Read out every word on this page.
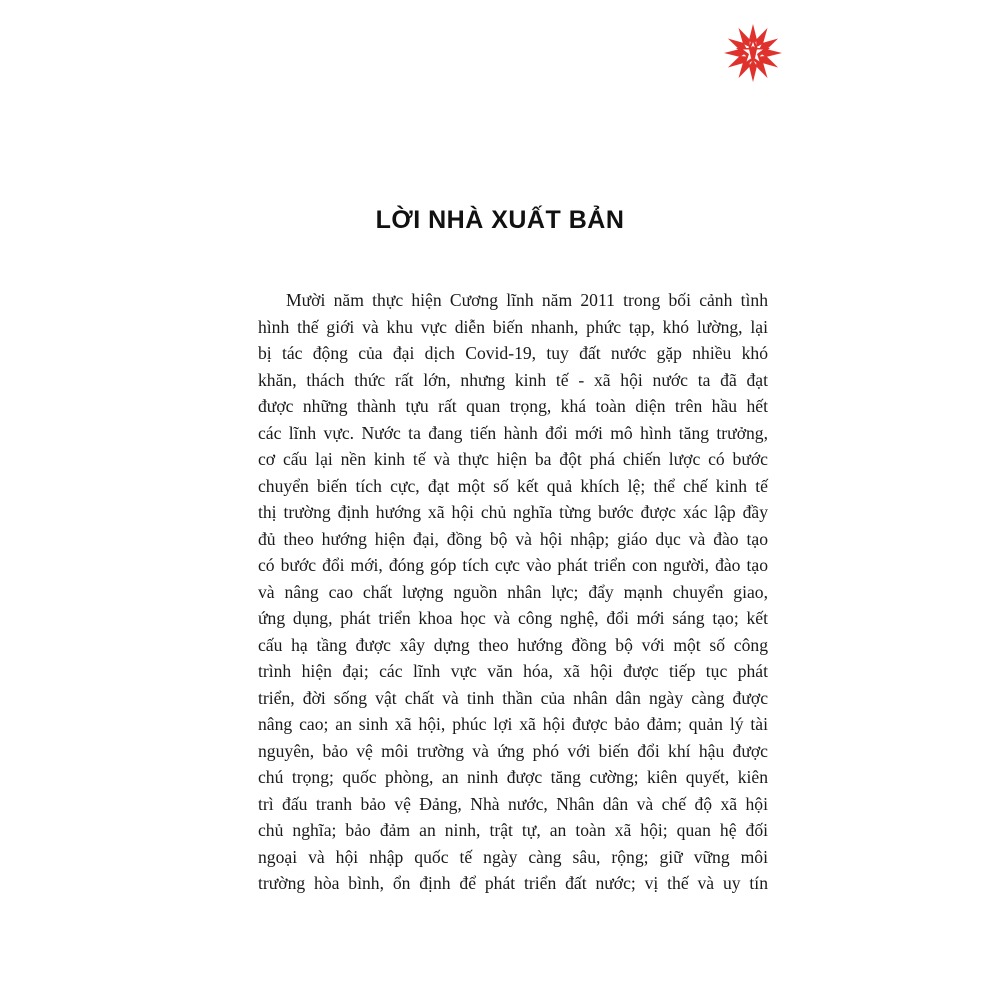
LỜI NHÀ XUẤT BẢN
Mười năm thực hiện Cương lĩnh năm 2011 trong bối cảnh tình
hình thế giới và khu vực diễn biến nhanh, phức tạp, khó lường, lại
bị tác động của đại dịch Covid-19, tuy đất nước gặp nhiều khó
khăn, thách thức rất lớn, nhưng kinh tế - xã hội nước ta đã đạt
được những thành tựu rất quan trọng, khá toàn diện trên hầu hết
các lĩnh vực. Nước ta đang tiến hành đổi mới mô hình tăng trưởng,
cơ cấu lại nền kinh tế và thực hiện ba đột phá chiến lược có bước
chuyển biến tích cực, đạt một số kết quả khích lệ; thể chế kinh tế
thị trường định hướng xã hội chủ nghĩa từng bước được xác lập đầy
đủ theo hướng hiện đại, đồng bộ và hội nhập; giáo dục và đào tạo
có bước đổi mới, đóng góp tích cực vào phát triển con người, đào tạo
và nâng cao chất lượng nguồn nhân lực; đẩy mạnh chuyển giao,
ứng dụng, phát triển khoa học và công nghệ, đổi mới sáng tạo; kết
cấu hạ tầng được xây dựng theo hướng đồng bộ với một số công
trình hiện đại; các lĩnh vực văn hóa, xã hội được tiếp tục phát
triển, đời sống vật chất và tinh thần của nhân dân ngày càng được
nâng cao; an sinh xã hội, phúc lợi xã hội được bảo đảm; quản lý tài
nguyên, bảo vệ môi trường và ứng phó với biến đổi khí hậu được
chú trọng; quốc phòng, an ninh được tăng cường; kiên quyết, kiên
trì đấu tranh bảo vệ Đảng, Nhà nước, Nhân dân và chế độ xã hội
chủ nghĩa; bảo đảm an ninh, trật tự, an toàn xã hội; quan hệ đối
ngoại và hội nhập quốc tế ngày càng sâu, rộng; giữ vững môi
trường hòa bình, ổn định để phát triển đất nước; vị thế và uy tín
